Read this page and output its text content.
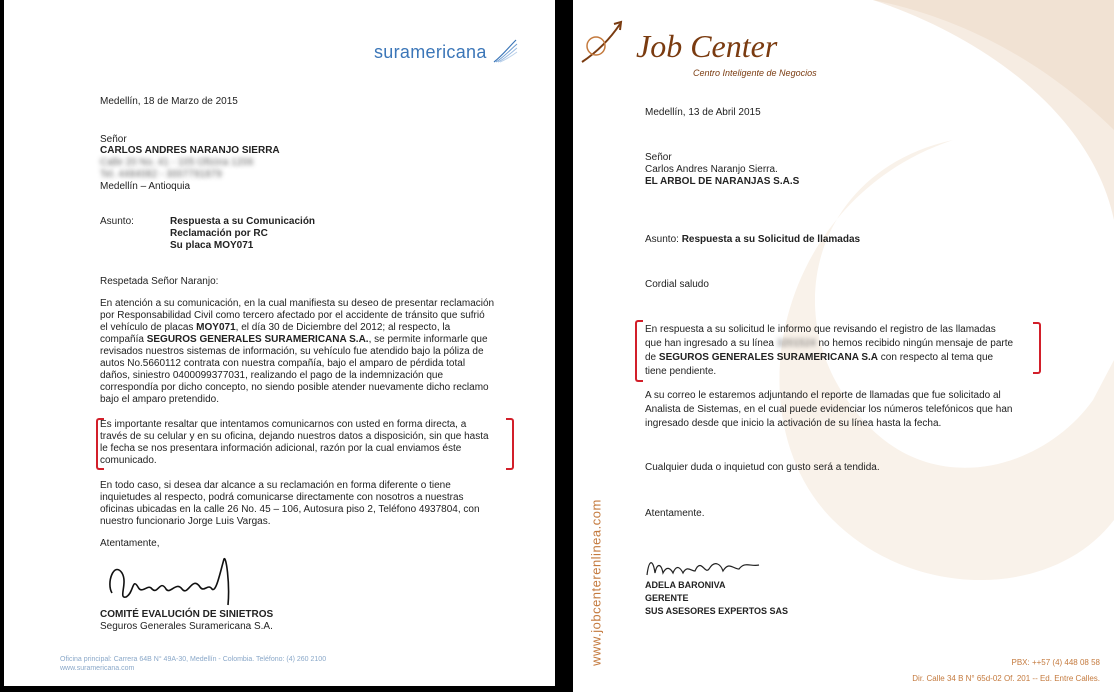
suramericana
Medellín, 18 de Marzo de 2015
Señor
CARLOS ANDRES NARANJO SIERRA
Calle 20 No. 41 - 105 Oficina 1206
Tel. 4484082 - 3007791879
Medellín – Antioquia
Asunto:	Respuesta a su Comunicación
Reclamación por RC
Su placa MOY071
Respetada Señor Naranjo:
En atención a su comunicación, en la cual manifiesta su deseo de presentar reclamación
por Responsabilidad Civil como tercero afectado por el accidente de tránsito que sufrió
el vehículo de placas MOY071, el día 30 de Diciembre del 2012; al respecto, la
compañía SEGUROS GENERALES SURAMERICANA S.A., se permite informarle que
revisados nuestros sistemas de información, su vehículo fue atendido bajo la póliza de
autos No.5660112 contrata con nuestra compañía, bajo el amparo de pérdida total
daños, siniestro 0400099377031, realizando el pago de la indemnización que
correspondía por dicho concepto, no siendo posible atender nuevamente dicho reclamo
bajo el amparo pretendido.
Es importante resaltar que intentamos comunicarnos con usted en forma directa, a
través de su celular y en su oficina, dejando nuestros datos a disposición, sin que hasta
le fecha se nos presentara información adicional, razón por la cual enviamos éste
comunicado.
En todo caso, si desea dar alcance a su reclamación en forma diferente o tiene
inquietudes al respecto, podrá comunicarse directamente con nosotros a nuestras
oficinas ubicadas en la calle 26 No. 45 – 106, Autosura piso 2, Teléfono 4937804, con
nuestro funcionario Jorge Luis Vargas.
Atentamente,
COMITÉ EVALUCIÓN DE SINIETROS
Seguros Generales Suramericana S.A.
Oficina principal: Carrera 64B N° 49A-30, Medellín - Colombia. Teléfono: (4) 260 2100
www.suramericana.com
Job Center
Centro Inteligente de Negocios
Medellín, 13 de Abril 2015
Señor
Carlos Andres Naranjo Sierra.
EL ARBOL DE NARANJAS S.A.S
Asunto: Respuesta a su Solicitud de llamadas
Cordial saludo
En respuesta a su solicitud le informo que revisando el registro de las llamadas
que han ingresado a su línea 3201524 no hemos recibido ningún mensaje de parte
de SEGUROS GENERALES SURAMERICANA S.A con respecto al tema que
tiene pendiente.
A su correo le estaremos adjuntando el reporte de llamadas que fue solicitado al
Analista de Sistemas, en el cual puede evidenciar los números telefónicos que han
ingresado desde que inicio la activación de su línea hasta la fecha.
Cualquier duda o inquietud con gusto será a tendida.
Atentamente.
ADELA BARONIVA
GERENTE
SUS ASESORES EXPERTOS SAS
www.jobcenterenlinea.com	PBX: ++57 (4) 448 08 58
Dir. Calle 34 B N° 65d-02 Of. 201 -- Ed. Entre Calles.
